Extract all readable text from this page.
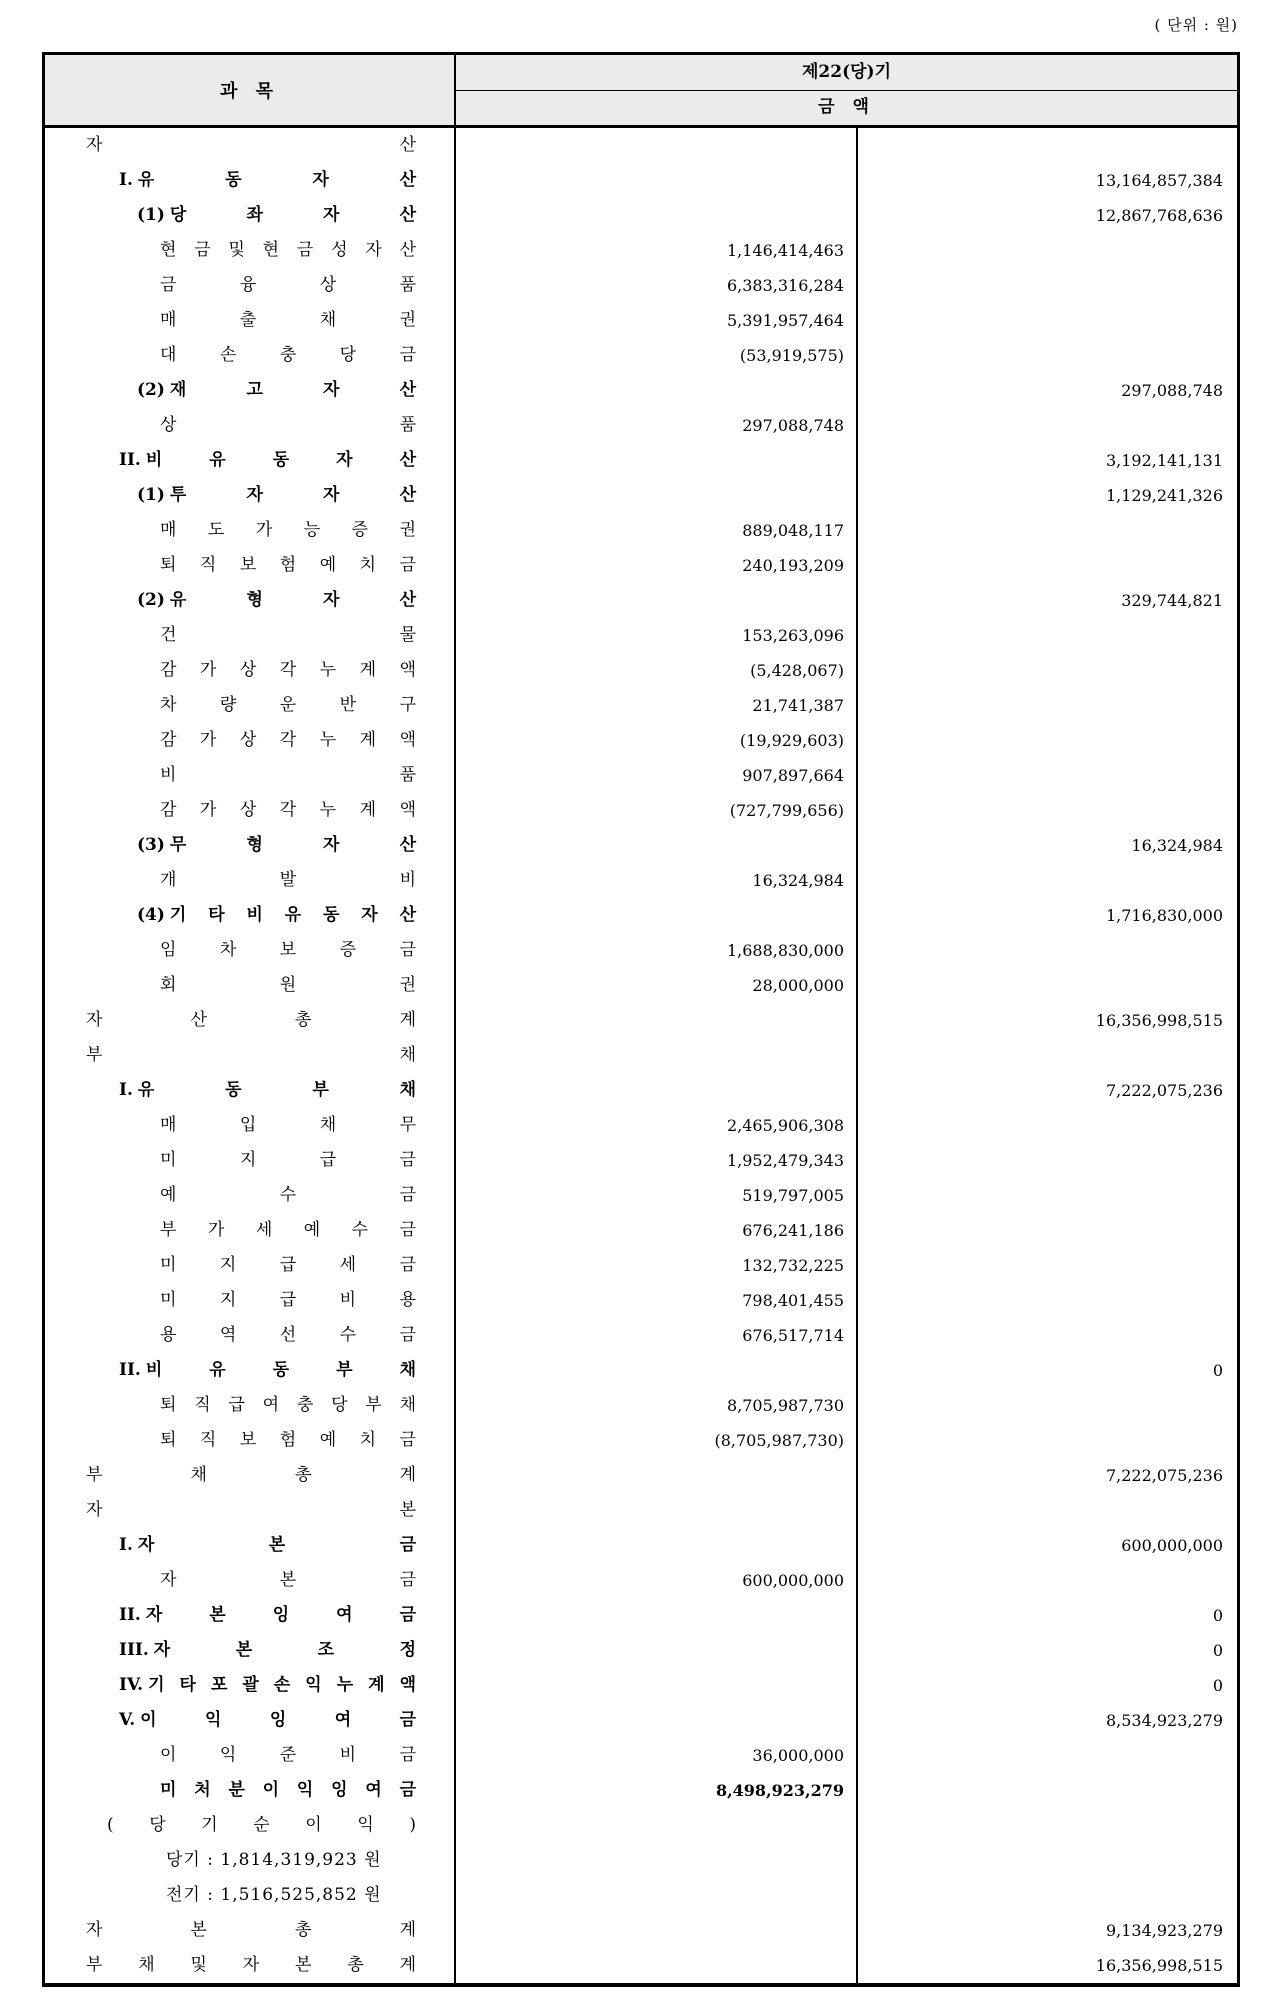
( 단위 : 원)
과 목
제22(당)기
금 액
자 산
I. 유 동 자 산	13,164,857,384
(1) 당 좌 자 산	12,867,768,636
현 금 및 현 금 성 자 산	1,146,414,463
금 융 상 품	6,383,316,284
매 출 채 권	5,391,957,464
대 손 충 당 금	(53,919,575)
(2) 재 고 자 산	297,088,748
상 품	297,088,748
II. 비 유 동 자 산	3,192,141,131
(1) 투 자 자 산	1,129,241,326
매 도 가 능 증 권	889,048,117
퇴 직 보 험 예 치 금	240,193,209
(2) 유 형 자 산	329,744,821
건 물	153,263,096
감 가 상 각 누 계 액	(5,428,067)
차 량 운 반 구	21,741,387
감 가 상 각 누 계 액	(19,929,603)
비 품	907,897,664
감 가 상 각 누 계 액	(727,799,656)
(3) 무 형 자 산	16,324,984
개 발 비	16,324,984
(4) 기 타 비 유 동 자 산	1,716,830,000
임 차 보 증 금	1,688,830,000
회 원 권	28,000,000
자 산 총 계	16,356,998,515
부 채
I. 유 동 부 채	7,222,075,236
매 입 채 무	2,465,906,308
미 지 급 금	1,952,479,343
예 수 금	519,797,005
부 가 세 예 수 금	676,241,186
미 지 급 세 금	132,732,225
미 지 급 비 용	798,401,455
용 역 선 수 금	676,517,714
II. 비 유 동 부 채	0
퇴 직 급 여 충 당 부 채	8,705,987,730
퇴 직 보 험 예 치 금	(8,705,987,730)
부 채 총 계	7,222,075,236
자 본
I. 자 본 금	600,000,000
자 본 금	600,000,000
II. 자 본 잉 여 금	0
III. 자 본 조 정	0
IV. 기 타 포 괄 손 익 누 계 액	0
V. 이 익 잉 여 금	8,534,923,279
이 익 준 비 금	36,000,000
미 처 분 이 익 잉 여 금	8,498,923,279
( 당 기 순 이 익 )
당기 : 1,814,319,923 원
전기 : 1,516,525,852 원
자 본 총 계	9,134,923,279
부 채 및 자 본 총 계	16,356,998,515
